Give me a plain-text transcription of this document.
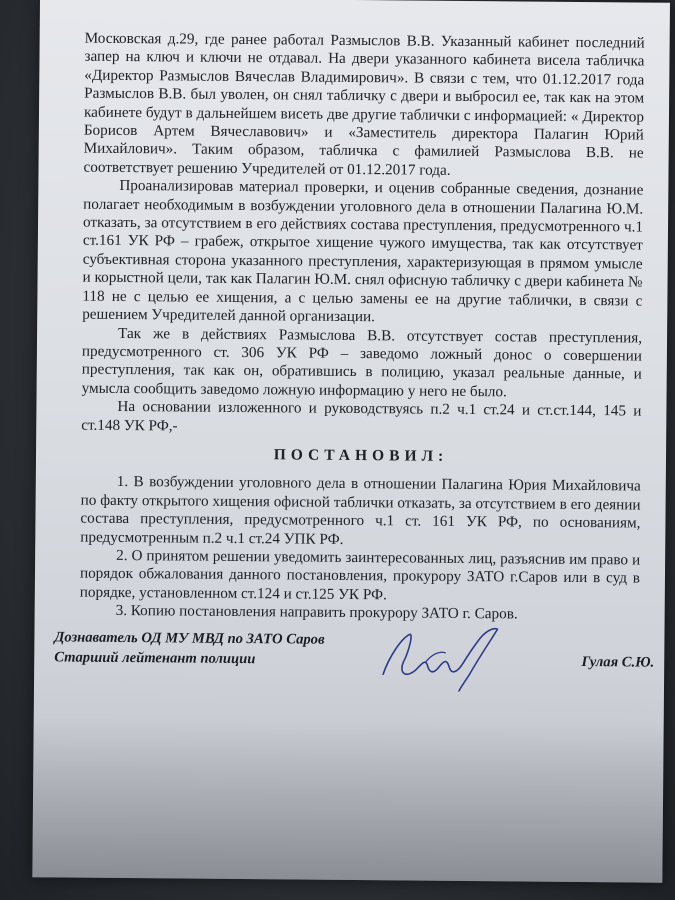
Московская д.29, где ранее работал Размыслов В.В. Указанный кабинет последний запер на ключ и ключи не отдавал. На двери указанного кабинета висела табличка «Директор Размыслов Вячеслав Владимирович». В связи с тем, что 01.12.2017 года Размыслов В.В. был уволен, он снял табличку с двери и выбросил ее, так как на этом кабинете будут в дальнейшем висеть две другие таблички с информацией: « Директор Борисов Артем Вячеславович» и «Заместитель директора Палагин Юрий Михайлович». Таким образом, табличка с фамилией Размыслова В.В. не соответствует решению Учредителей от 01.12.2017 года.

Проанализировав материал проверки, и оценив собранные сведения, дознание полагает необходимым в возбуждении уголовного дела в отношении Палагина Ю.М. отказать, за отсутствием в его действиях состава преступления, предусмотренного ч.1 ст.161 УК РФ – грабеж, открытое хищение чужого имущества, так как отсутствует субъективная сторона указанного преступления, характеризующая в прямом умысле и корыстной цели, так как Палагин Ю.М. снял офисную табличку с двери кабинета № 118 не с целью ее хищения, а с целью замены ее на другие таблички, в связи с решением Учредителей данной организации.

Так же в действиях Размыслова В.В. отсутствует состав преступления, предусмотренного ст. 306 УК РФ – заведомо ложный донос о совершении преступления, так как он, обратившись в полицию, указал реальные данные, и умысла сообщить заведомо ложную информацию у него не было.

На основании изложенного и руководствуясь п.2 ч.1 ст.24 и ст.ст.144, 145 и ст.148 УК РФ,-

ПОСТАНОВИЛ:

1. В возбуждении уголовного дела в отношении Палагина Юрия Михайловича по факту открытого хищения офисной таблички отказать, за отсутствием в его деянии состава преступления, предусмотренного ч.1 ст. 161 УК РФ, по основаниям, предусмотренным п.2 ч.1 ст.24 УПК РФ.

2. О принятом решении уведомить заинтересованных лиц, разъяснив им право и порядок обжалования данного постановления, прокурору ЗАТО г.Саров или в суд в порядке, установленном ст.124 и ст.125 УК РФ.

3. Копию постановления направить прокурору ЗАТО г. Саров.

Дознаватель ОД МУ МВД по ЗАТО Саров
Старший лейтенант полиции	Гулая С.Ю.
